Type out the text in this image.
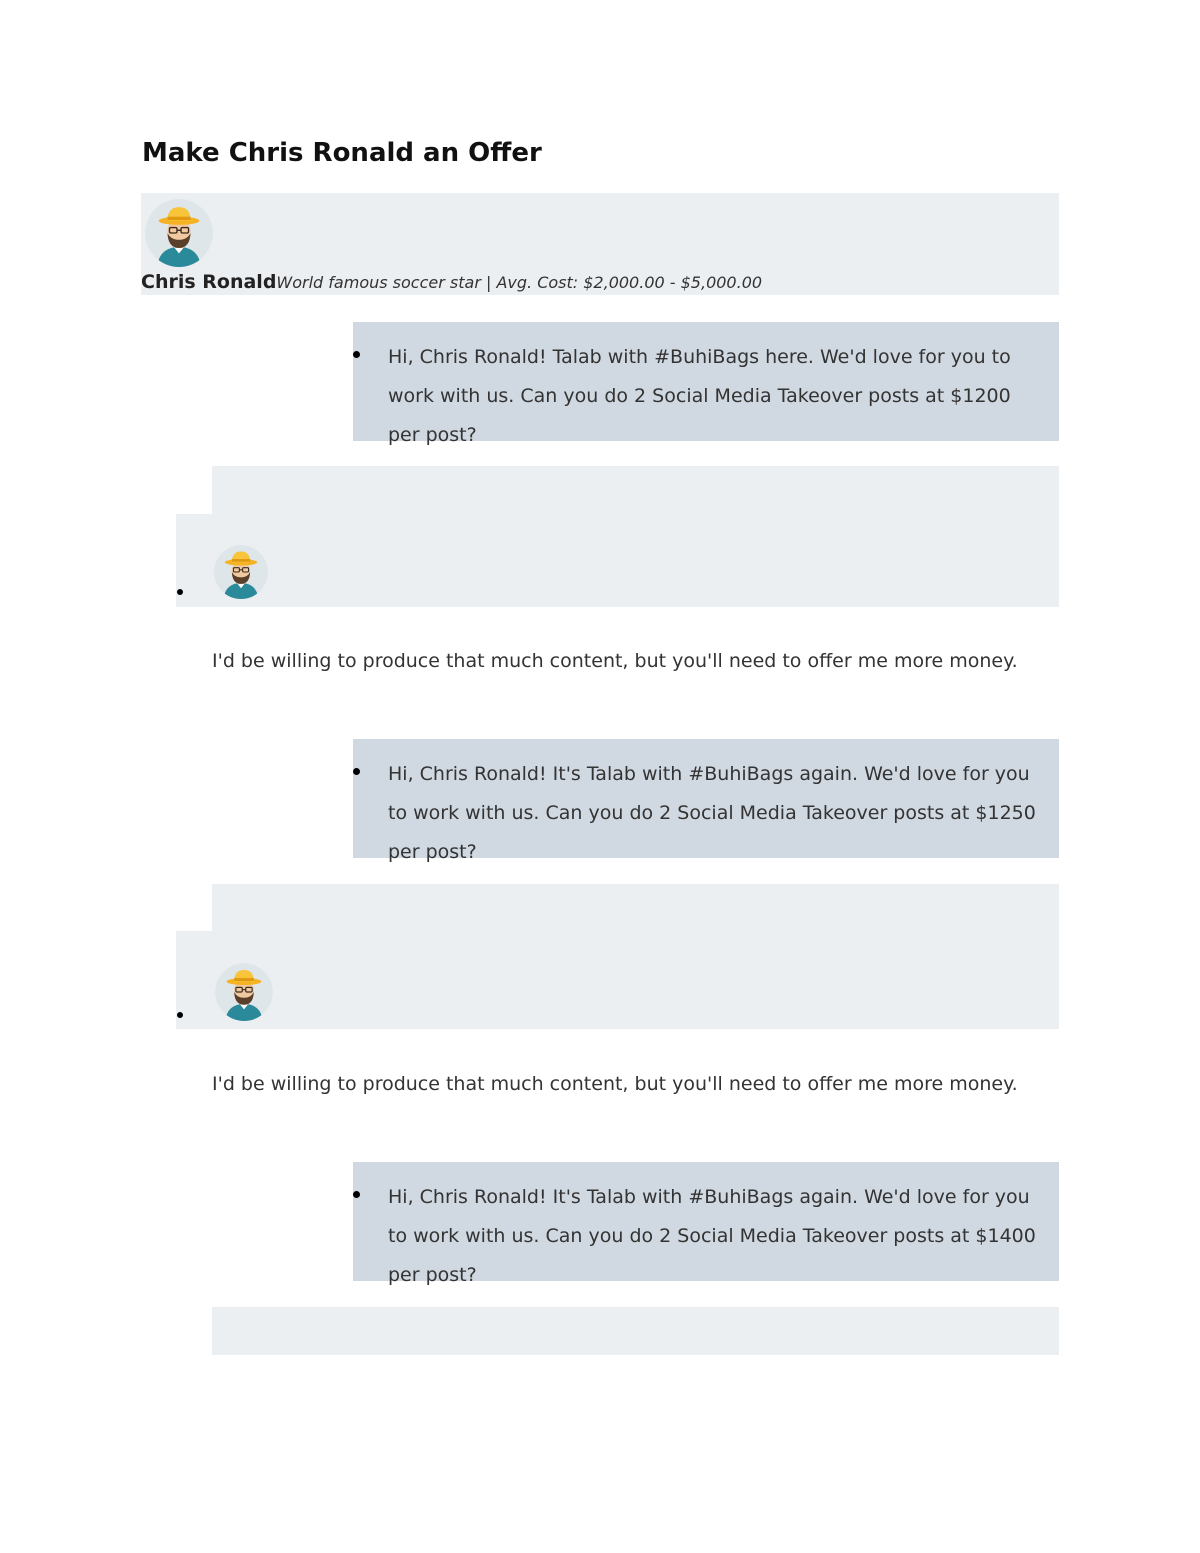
Make Chris Ronald an Offer
Chris RonaldWorld famous soccer star | Avg. Cost: $2,000.00 - $5,000.00

Hi, Chris Ronald! Talab with #BuhiBags here. We'd love for you to work with us. Can you do 2 Social Media Takeover posts at $1200 per post?

I'd be willing to produce that much content, but you'll need to offer me more money.

Hi, Chris Ronald! It's Talab with #BuhiBags again. We'd love for you to work with us. Can you do 2 Social Media Takeover posts at $1250 per post?

I'd be willing to produce that much content, but you'll need to offer me more money.

Hi, Chris Ronald! It's Talab with #BuhiBags again. We'd love for you to work with us. Can you do 2 Social Media Takeover posts at $1400 per post?
